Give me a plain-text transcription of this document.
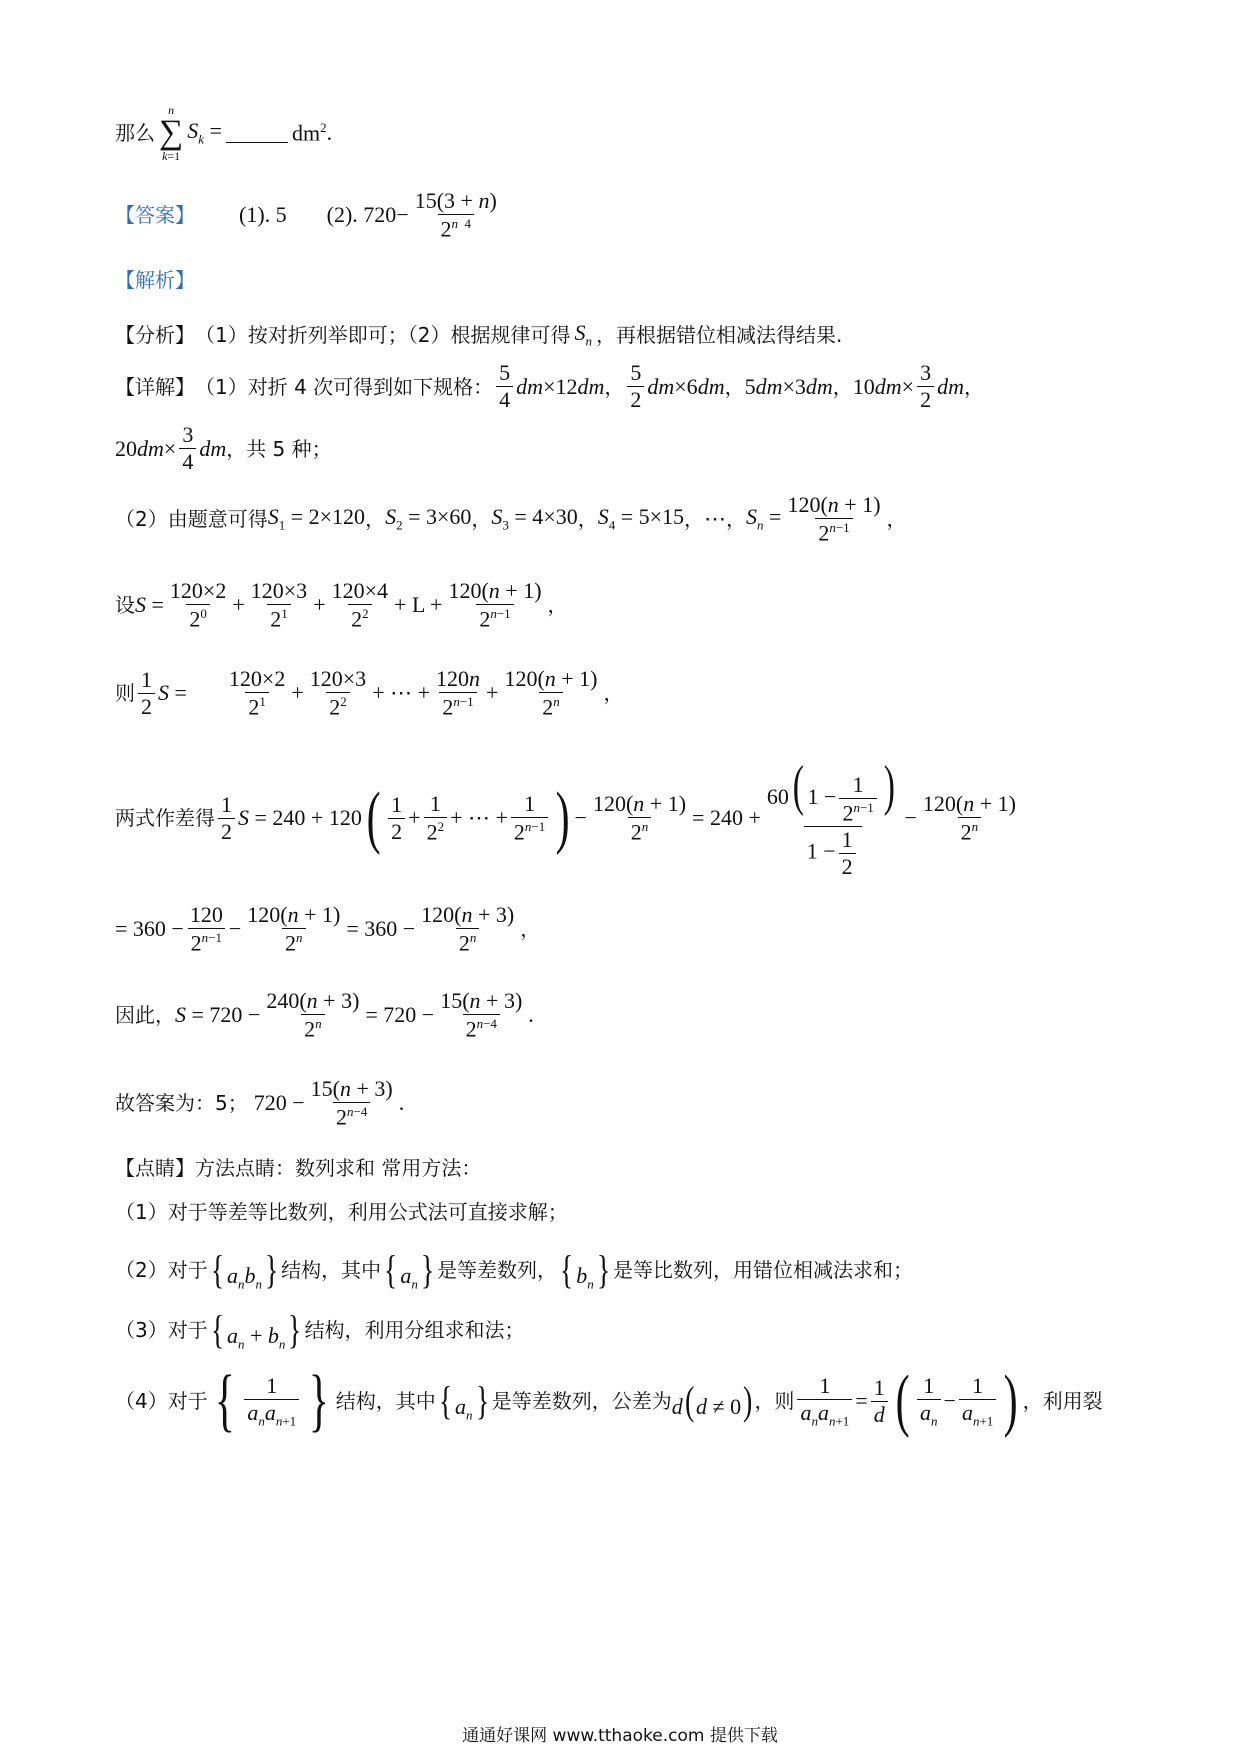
那么
n
∑
k=1
$S_k$ =	$dm^2$ .
【答案】 (1). 5 (2). $720 - \frac{15(3 + n)}{2^{n 4}}$
【解析】
【分析】 （1）按对折列举即可；（2）根据规律可得 $S_n$ ，再根据错位相减法得结果.
【详解】 （1）对折 4 次可得到如下规格： $\frac{5}{4} dm\times 12dm$ ， $\frac{5}{2} dm\times 6dm$ ， 5dm×3dm ， $10dm\times \frac{3}{2}$ dm ，
$20dm\times \frac{3}{4}$ dm ，共 5 种；
（2）由题意可得 $S_1 = 2\times 120$ ， $S_2 = 3\times 60$ ， $S_3 = 4\times 30$ ， $S_4 = 5\times 15$ ， ⋯ ， $S_n = \frac{120(n + 1)}{2^{n-1}}$ ，
设 $S = \frac{120\times 2}{2^0} + \frac{120\times 3}{2^1} + \frac{120\times 4}{2^2} + L + \frac{120(n + 1)}{2^{n-1}}$ ，
则 $\frac{1}{2}$ $S = \frac{120\times 2}{2^1} + \frac{120\times 3}{2^2}$ + ⋯ + $\frac{120n}{2^{n-1}} + \frac{120(n + 1)}{2^n}$ ，
两式作差得 $\frac{1}{2}$ S = 240 + 120 ( $\frac{1}{2} + \frac{1}{2^2}$ + ⋯ + $\frac{1}{2^{n-1}}$ ) − $\frac{120(n + 1)}{2^n} = 240 + \frac{60( 1 - \frac{1}{2^{n-1}} )}{1 - \frac{1}{2}} - \frac{120(n + 1)}{2^n}$
= $360 - \frac{120}{2^{n-1}} - \frac{120(n + 1)}{2^n} = 360 - \frac{120(n + 3)}{2^n}$ ，
因此， $S = 720 - \frac{240(n + 3)}{2^n} = 720 - \frac{15(n + 3)}{2^{n-4}}$ .
故答案为：5； $720 - \frac{15(n + 3)}{2^{n-4}}$ .
【点睛】 方法点睛：数列求和 常用方法：
（1）对于等差等比数列，利用公式法可直接求解；
（2）对于 { $a_nb_n$} 结构，其中 { $a_n$} 是等差数列， { $b_n$} 是等比数列，用错位相减法求和；
（3）对于 { $a_n + b_n$} 结构，利用分组求和法；
（4）对于 { $\frac{1}{a_na_{n+1}}$ } 结构，其中 { $a_n$} 是等差数列，公差为 d(d ≠ 0) ，则 $\frac{1}{a_na_{n+1}} = \frac{1}{d}$ ( $\frac{1}{a_n} - \frac{1}{a_{n+1}}$ ) ，利用裂
通通好课网 www.tthaoke.com 提供下载
